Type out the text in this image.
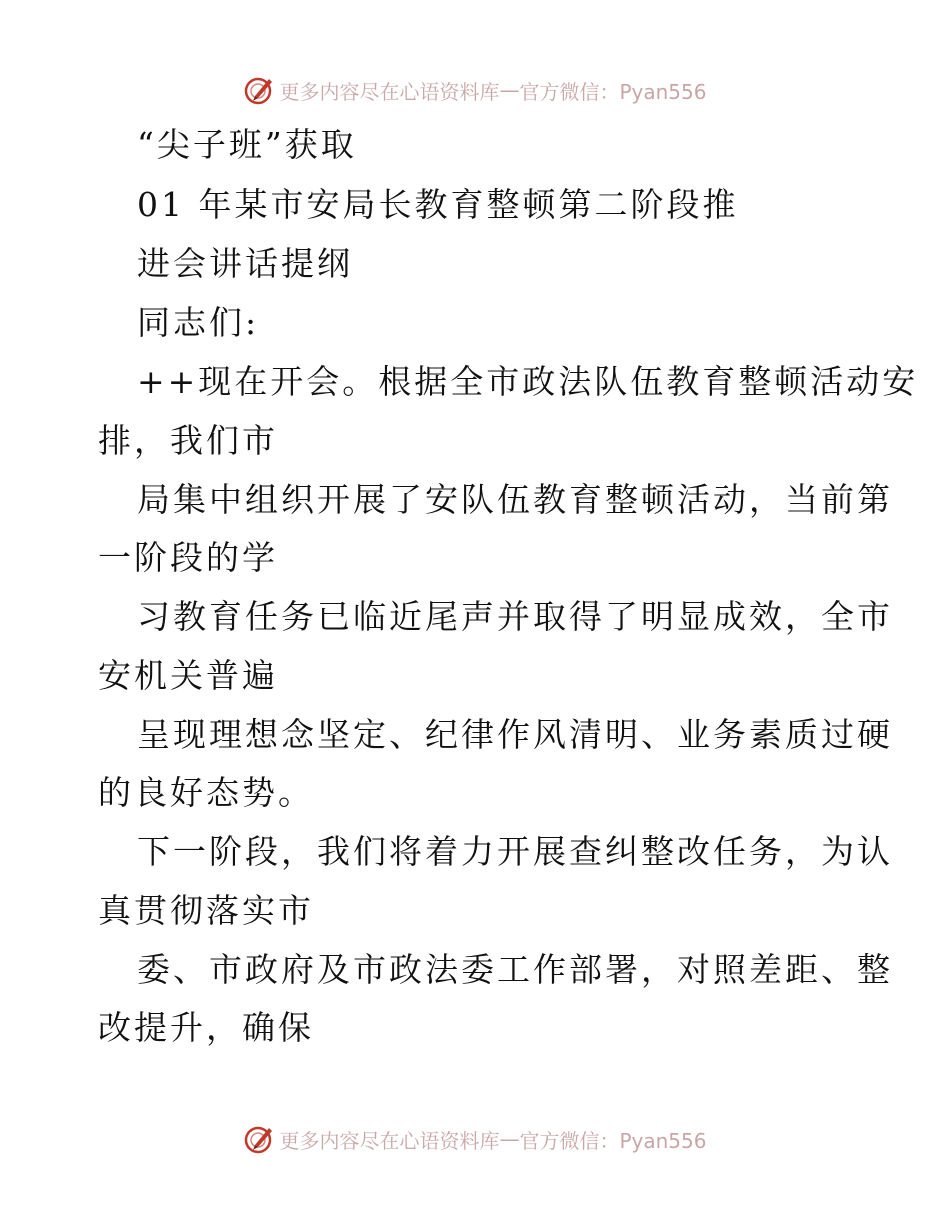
更多内容尽在心语资料库 — 官方微信：Pyan556
“尖子班”获取
01 年某市安局长教育整顿第二阶段推
进会讲话提纲
同志们:
++现在开会。根据全市政法队伍教育整顿活动安
排，我们市
局集中组织开展了安队伍教育整顿活动，当前第
一阶段的学
习教育任务已临近尾声并取得了明显成效，全市
安机关普遍
呈现理想念坚定、纪律作风清明、业务素质过硬
的良好态势。
下一阶段，我们将着力开展查纠整改任务，为认
真贯彻落实市
委、市政府及市政法委工作部署，对照差距、整
改提升，确保
更多内容尽在心语资料库 — 官方微信：Pyan556
